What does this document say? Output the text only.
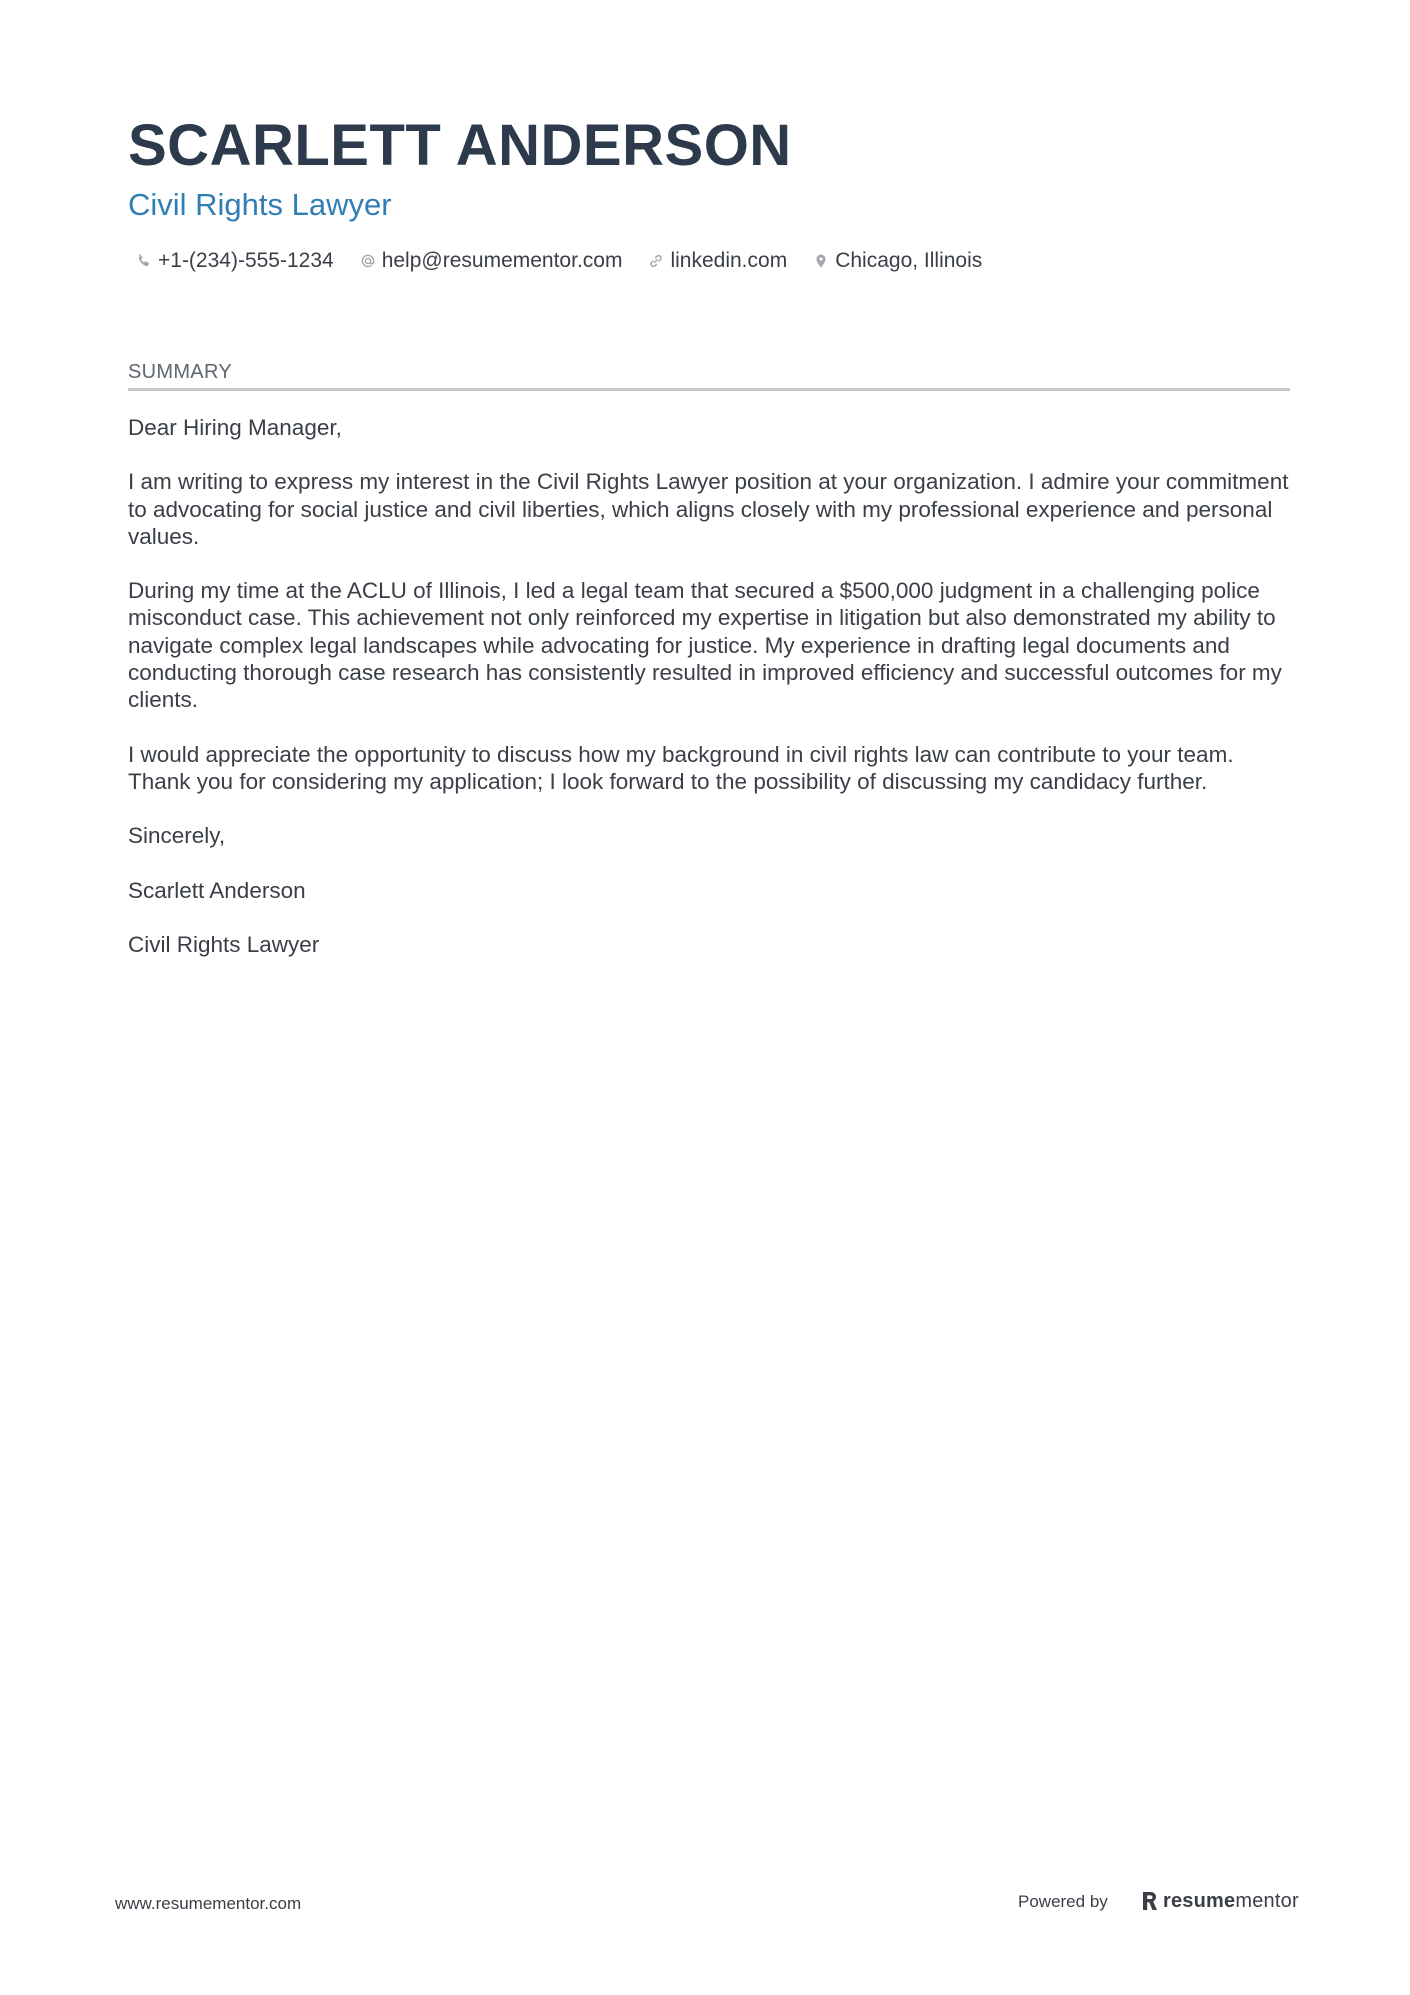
SCARLETT ANDERSON
Civil Rights Lawyer
+1-(234)-555-1234 help@resumementor.com linkedin.com Chicago, Illinois
SUMMARY

Dear Hiring Manager,

I am writing to express my interest in the Civil Rights Lawyer position at your organization. I admire your commitment to advocating for social justice and civil liberties, which aligns closely with my professional experience and personal values.

During my time at the ACLU of Illinois, I led a legal team that secured a $500,000 judgment in a challenging police misconduct case. This achievement not only reinforced my expertise in litigation but also demonstrated my ability to navigate complex legal landscapes while advocating for justice. My experience in drafting legal documents and conducting thorough case research has consistently resulted in improved efficiency and successful outcomes for my clients.

I would appreciate the opportunity to discuss how my background in civil rights law can contribute to your team. Thank you for considering my application; I look forward to the possibility of discussing my candidacy further.

Sincerely,

Scarlett Anderson

Civil Rights Lawyer

www.resumementor.com	Powered by	resumementor
